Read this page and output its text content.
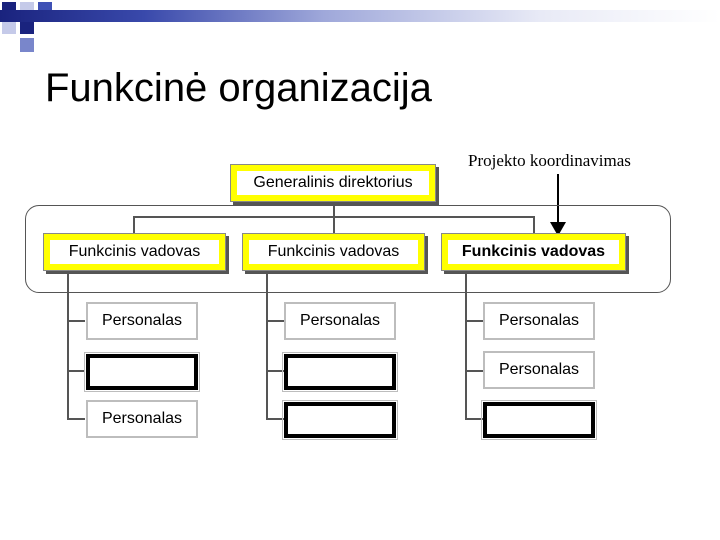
Funkcinė organizacija
Projekto koordinavimas
Generalinis direktorius
Funkcinis vadovas	Funkcinis vadovas	Funkcinis vadovas
Personalas
Personalas
Personalas	Personalas
Personalas
